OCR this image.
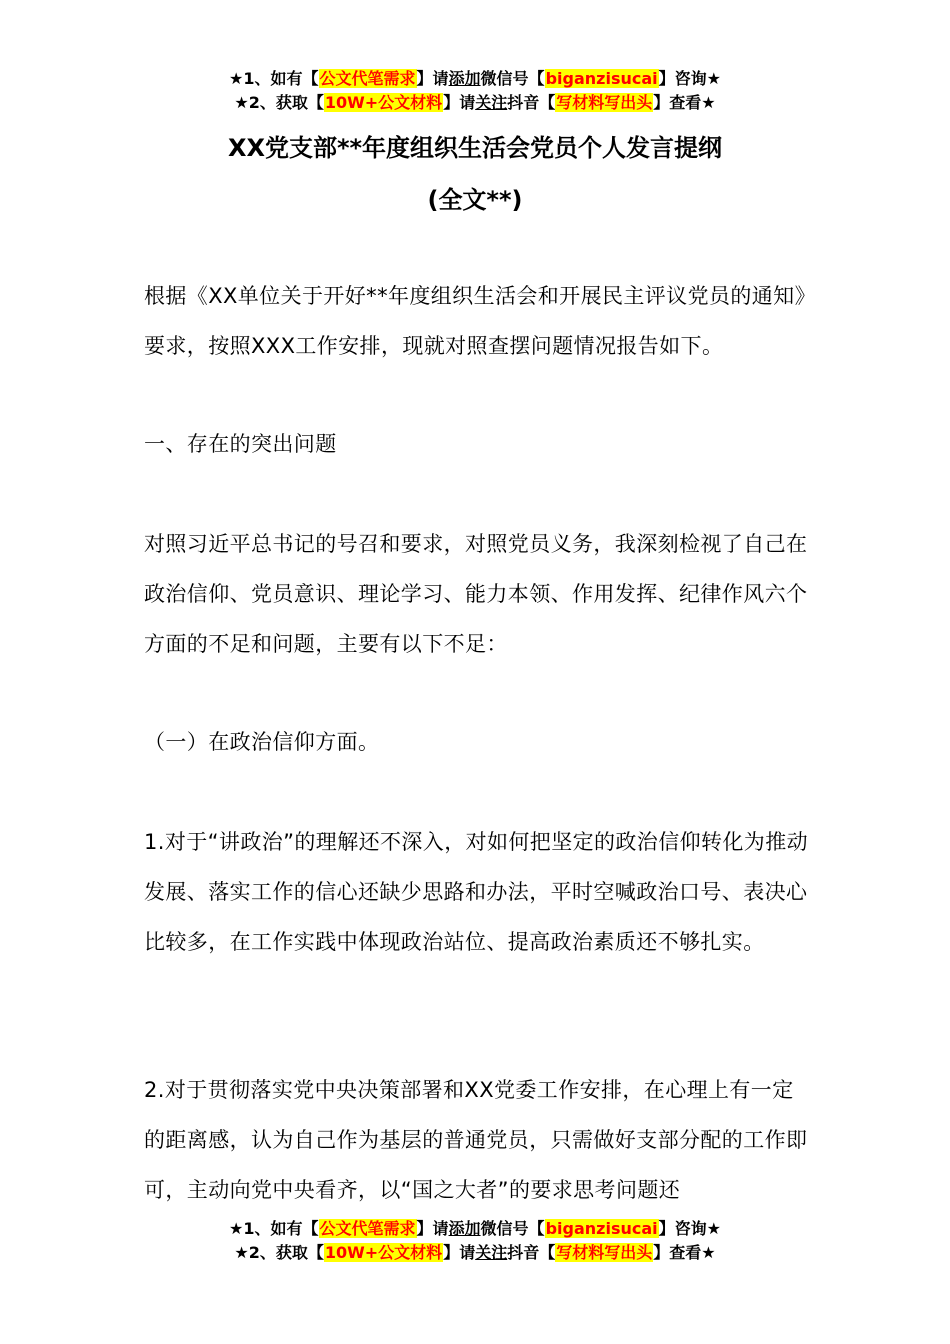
★1、如有【公文代笔需求】请添加微信号【biganzisucai】咨询★
★2、获取【10W+公文材料】请关注抖音【写材料写出头】查看★
XX党支部**年度组织生活会党员个人发言提纲
(全文**)

根据《XX单位关于开好**年度组织生活会和开展民主评议党员的通知》要求，按照XXX工作安排，现就对照查摆问题情况报告如下。

一、存在的突出问题

对照习近平总书记的号召和要求，对照党员义务，我深刻检视了自己在政治信仰、党员意识、理论学习、能力本领、作用发挥、纪律作风六个方面的不足和问题，主要有以下不足：

（一）在政治信仰方面。

1.对于“讲政治”的理解还不深入，对如何把坚定的政治信仰转化为推动发展、落实工作的信心还缺少思路和办法，平时空喊政治口号、表决心比较多，在工作实践中体现政治站位、提高政治素质还不够扎实。

2.对于贯彻落实党中央决策部署和XX党委工作安排，在心理上有一定的距离感，认为自己作为基层的普通党员，只需做好支部分配的工作即可，主动向党中央看齐，以“国之大者”的要求思考问题还

★1、如有【公文代笔需求】请添加微信号【biganzisucai】咨询★
★2、获取【10W+公文材料】请关注抖音【写材料写出头】查看★
